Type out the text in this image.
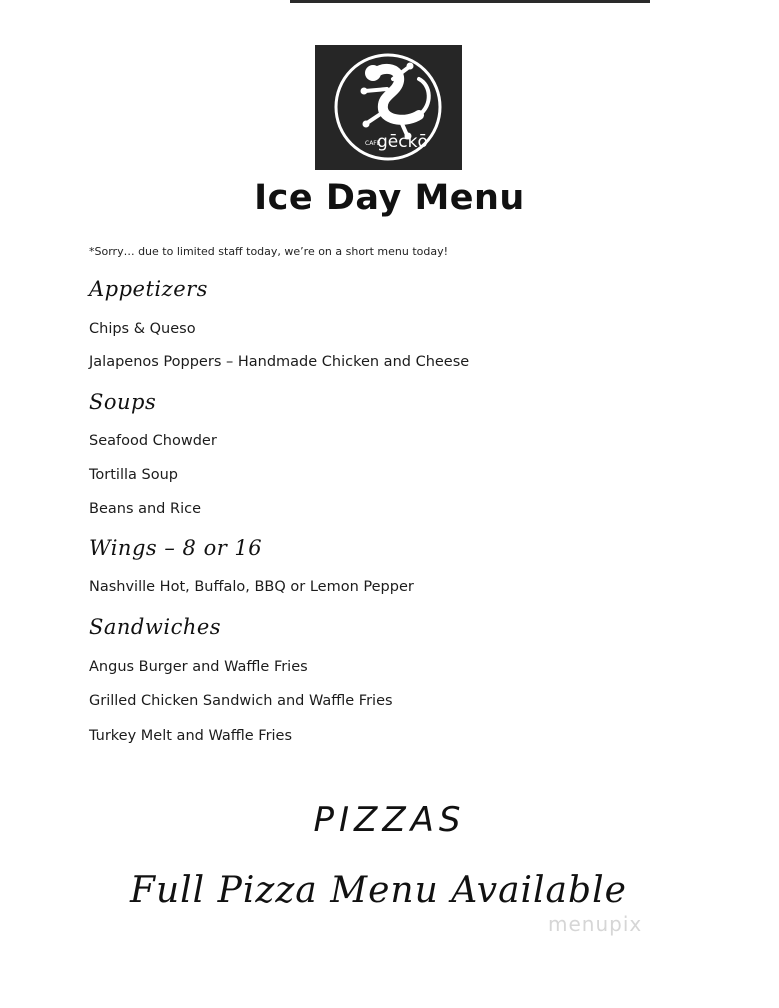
CAFE
gēckō
Ice Day Menu
*Sorry… due to limited staff today, we’re on a short menu today!
Appetizers
Chips & Queso
Jalapenos Poppers – Handmade Chicken and Cheese
Soups
Seafood Chowder
Tortilla Soup
Beans and Rice
Wings – 8 or 16
Nashville Hot, Buffalo, BBQ or Lemon Pepper
Sandwiches
Angus Burger and Waffle Fries
Grilled Chicken Sandwich and Waffle Fries
Turkey Melt and Waffle Fries
PIZZAS
Full Pizza Menu Available
menupix
